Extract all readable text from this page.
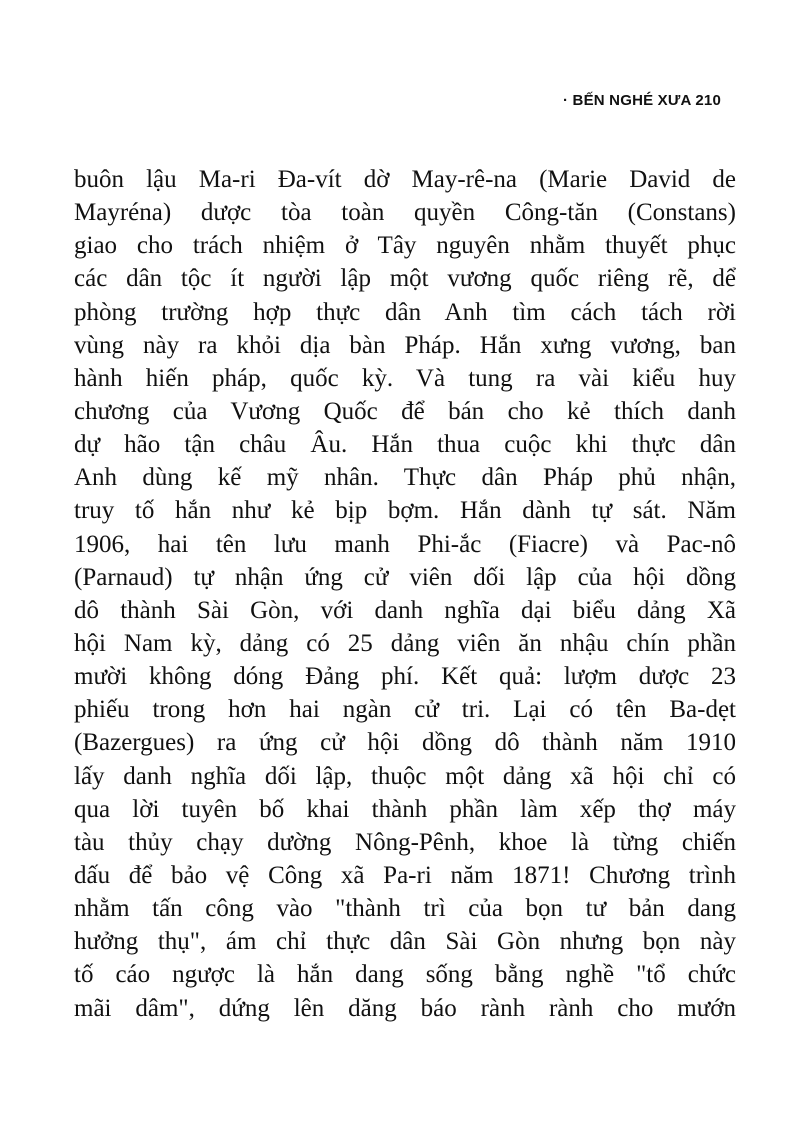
· BẾN NGHÉ XƯA 210
buôn lậu Ma-ri Đa-vít dờ May-rê-na (Marie David de
Mayréna) dược tòa toàn quyền Công-tăn (Constans)
giao cho trách nhiệm ở Tây nguyên nhằm thuyết phục
các dân tộc ít người lập một vương quốc riêng rẽ, dể
phòng trường hợp thực dân Anh tìm cách tách rời
vùng này ra khỏi dịa bàn Pháp. Hắn xưng vương, ban
hành hiến pháp, quốc kỳ. Và tung ra vài kiểu huy
chương của Vương Quốc để bán cho kẻ thích danh
dự hão tận châu Âu. Hắn thua cuộc khi thực dân
Anh dùng kế mỹ nhân. Thực dân Pháp phủ nhận,
truy tố hắn như kẻ bịp bợm. Hắn dành tự sát. Năm
1906, hai tên lưu manh Phi-ắc (Fiacre) và Pac-nô
(Parnaud) tự nhận ứng cử viên dối lập của hội dồng
dô thành Sài Gòn, với danh nghĩa dại biểu dảng Xã
hội Nam kỳ, dảng có 25 dảng viên ăn nhậu chín phần
mười không dóng Đảng phí. Kết quả: lượm dược 23
phiếu trong hơn hai ngàn cử tri. Lại có tên Ba-dẹt
(Bazergues) ra ứng cử hội dồng dô thành năm 1910
lấy danh nghĩa dối lập, thuộc một dảng xã hội chỉ có
qua lời tuyên bố khai thành phần làm xếp thợ máy
tàu thủy chạy dường Nông-Pênh, khoe là từng chiến
dấu để bảo vệ Công xã Pa-ri năm 1871! Chương trình
nhằm tấn công vào "thành trì của bọn tư bản dang
hưởng thụ", ám chỉ thực dân Sài Gòn nhưng bọn này
tố cáo ngược là hắn dang sống bằng nghề "tổ chức
mãi dâm", dứng lên dăng báo rành rành cho mướn
